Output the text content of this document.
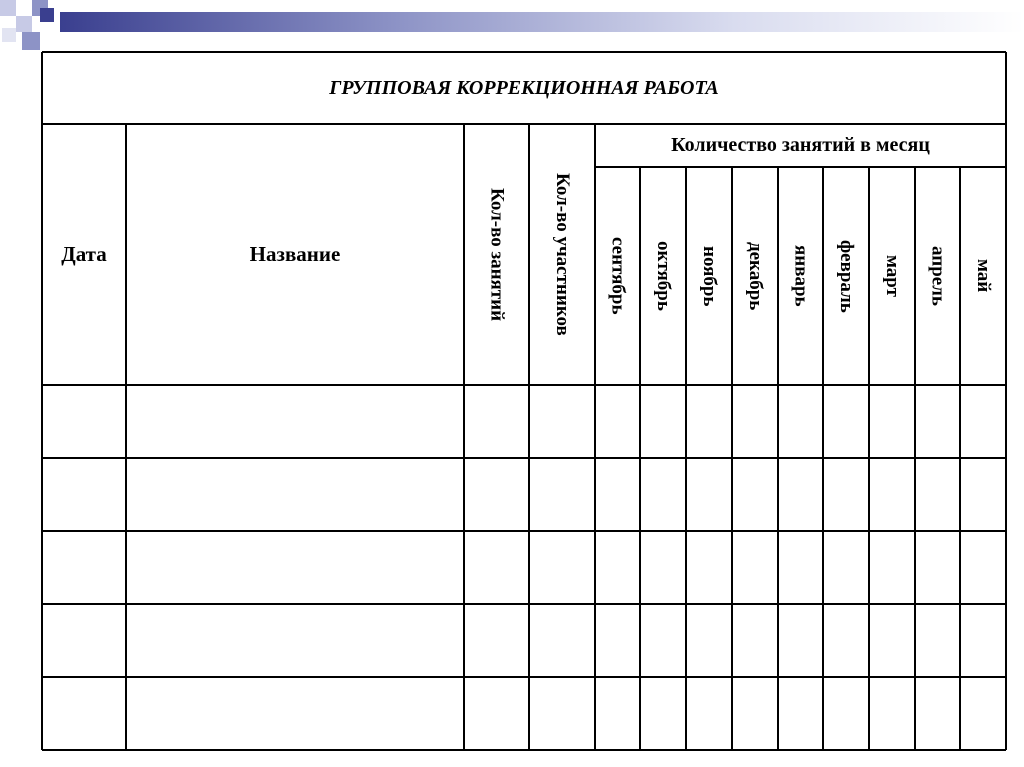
ГРУППОВАЯ КОРРЕКЦИОННАЯ РАБОТА
Дата	Название	Кол-во занятий	Кол-во участников
Количество занятий в месяц
сентябрь	октябрь	ноябрь	декабрь	январь	февраль	март	апрель	май
